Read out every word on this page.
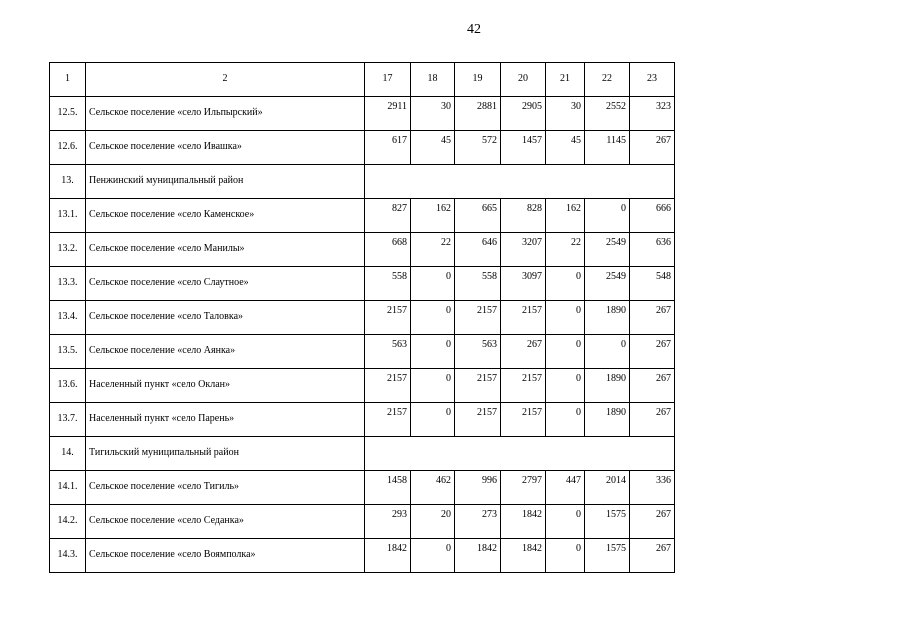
42
1	2	17	18	19	20	21	22	23

12.5.	Сельское поселение «село Ильпырский»	2911	30	2881	2905	30	2552	323

12.6.	Сельское поселение «село Ивашка»	617	45	572	1457	45	1145	267

13.	Пенжинский муниципальный район							

13.1.	Сельское поселение «село Каменское»	827	162	665	828	162	0	666

13.2.	Сельское поселение «село Манилы»	668	22	646	3207	22	2549	636

13.3.	Сельское поселение «село Слаутное»	558	0	558	3097	0	2549	548

13.4.	Сельское поселение «село Таловка»	2157	0	2157	2157	0	1890	267

13.5.	Сельское поселение «село Аянка»	563	0	563	267	0	0	267

13.6.	Населенный пункт «село Оклан»	2157	0	2157	2157	0	1890	267

13.7.	Населенный пункт «село Парень»	2157	0	2157	2157	0	1890	267

14.	Тигильский муниципальный район							

14.1.	Сельское поселение «село Тигиль»	1458	462	996	2797	447	2014	336

14.2.	Сельское поселение «село Седанка»	293	20	273	1842	0	1575	267

14.3.	Сельское поселение «село Воямполка»	1842	0	1842	1842	0	1575	267
